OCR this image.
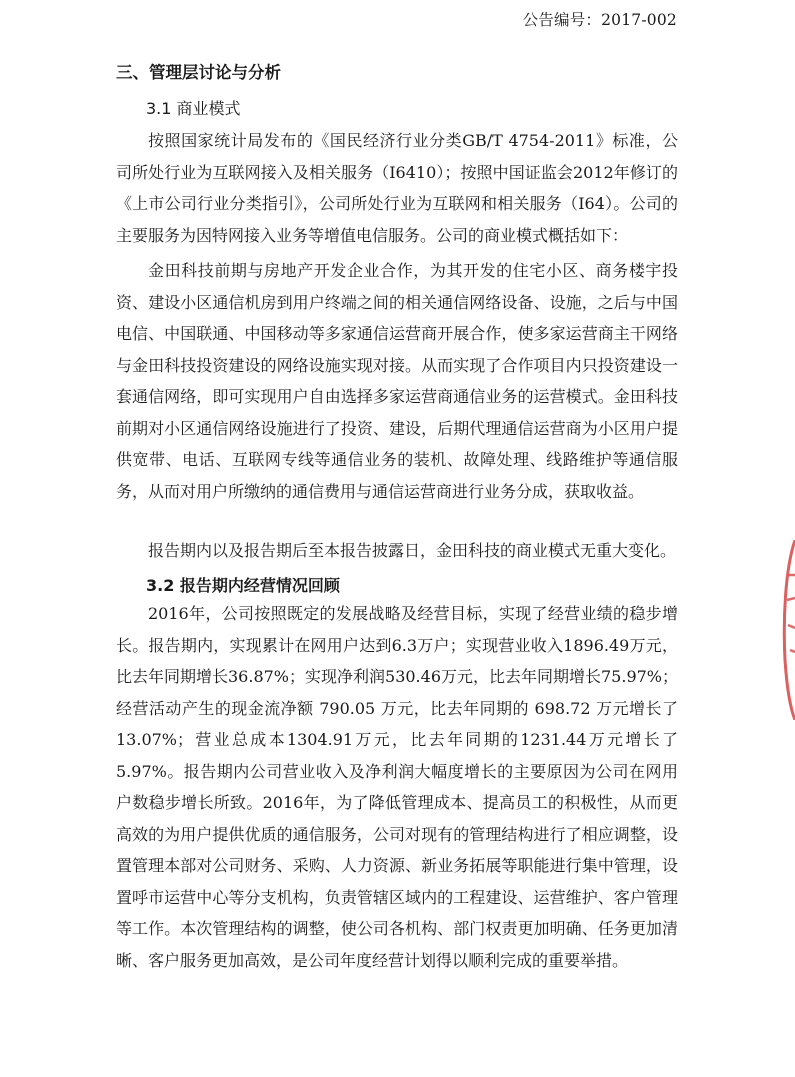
公告编号：2017-002
三、管理层讨论与分析
3.1 商业模式

按照国家统计局发布的《国民经济行业分类GB/T 4754-2011》标准，公司所处行业为互联网接入及相关服务（I6410）；按照中国证监会2012年修订的《上市公司行业分类指引》，公司所处行业为互联网和相关服务（I64）。公司的主要服务为因特网接入业务等增值电信服务。公司的商业模式概括如下：

金田科技前期与房地产开发企业合作，为其开发的住宅小区、商务楼宇投资、建设小区通信机房到用户终端之间的相关通信网络设备、设施，之后与中国电信、中国联通、中国移动等多家通信运营商开展合作，使多家运营商主干网络与金田科技投资建设的网络设施实现对接。从而实现了合作项目内只投资建设一套通信网络，即可实现用户自由选择多家运营商通信业务的运营模式。金田科技前期对小区通信网络设施进行了投资、建设，后期代理通信运营商为小区用户提供宽带、电话、互联网专线等通信业务的装机、故障处理、线路维护等通信服务，从而对用户所缴纳的通信费用与通信运营商进行业务分成，获取收益。

报告期内以及报告期后至本报告披露日，金田科技的商业模式无重大变化。

3.2 报告期内经营情况回顾

2016年，公司按照既定的发展战略及经营目标，实现了经营业绩的稳步增长。报告期内，实现累计在网用户达到6.3万户；实现营业收入1896.49万元，比去年同期增长36.87%；实现净利润530.46万元，比去年同期增长75.97%；经营活动产生的现金流净额 790.05 万元，比去年同期的 698.72 万元增长了13.07%；营业总成本1304.91万元，比去年同期的1231.44万元增长了5.97%。报告期内公司营业收入及净利润大幅度增长的主要原因为公司在网用户数稳步增长所致。2016年，为了降低管理成本、提高员工的积极性，从而更高效的为用户提供优质的通信服务，公司对现有的管理结构进行了相应调整，设置管理本部对公司财务、采购、人力资源、新业务拓展等职能进行集中管理，设置呼市运营中心等分支机构，负责管辖区域内的工程建设、运营维护、客户管理等工作。本次管理结构的调整，使公司各机构、部门权责更加明确、任务更加清晰、客户服务更加高效，是公司年度经营计划得以顺利完成的重要举措。
